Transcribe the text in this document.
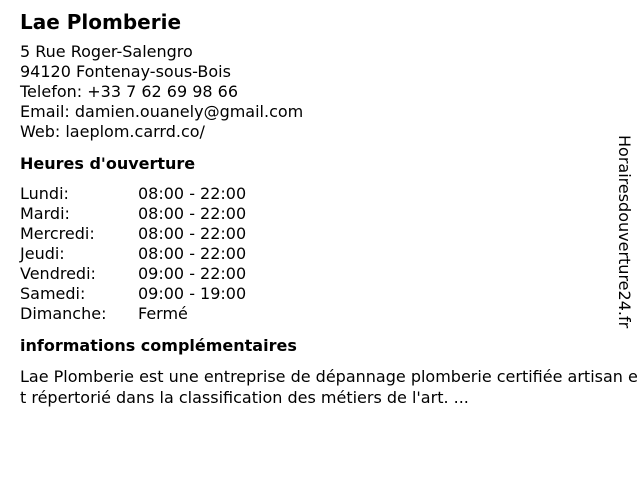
Lae Plomberie
5 Rue Roger-Salengro
94120 Fontenay-sous-Bois
Telefon: +33 7 62 69 98 66
Email: damien.ouanely@gmail.com
Web: laeplom.carrd.co/
Heures d'ouverture
Lundi:	08:00 - 22:00
Mardi:	08:00 - 22:00
Mercredi:	08:00 - 22:00
Jeudi:	08:00 - 22:00
Vendredi:	09:00 - 22:00
Samedi:	09:00 - 19:00
Dimanche:	Fermé
informations complémentaires
Lae Plomberie est une entreprise de dépannage plomberie certifiée artisan et répertorié dans la classification des métiers de l'art. ...
Horairesdouverture24.fr
